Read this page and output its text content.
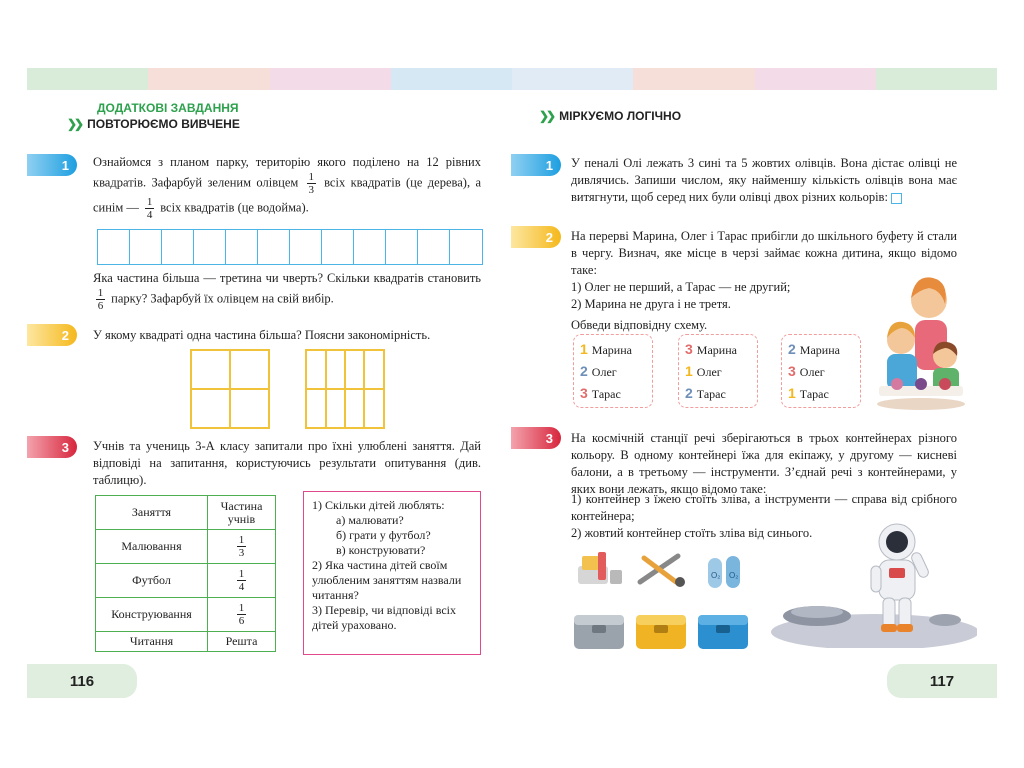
ДОДАТКОВІ ЗАВДАННЯ
❯❯ ПОВТОРЮЄМО ВИВЧЕНЕ
❯❯ МІРКУЄМО ЛОГІЧНО
1	Ознайомся з планом парку, територію якого поділено на 12 рівних квадратів. Зафарбуй зеленим олівцем $\frac{1}{3}$ всіх квадратів (це дерева), а синім — $\frac{1}{4}$ всіх квадратів (це водойма).
Яка частина більша — третина чи чверть? Скільки квадратів становить
$\frac{1}{6}$ парку? Зафарбуй їх олівцем на свій вибір.
2	У якому квадраті одна частина більша? Поясни закономірність.
3	Учнів та учениць 3-А класу запитали про їхні улюблені заняття. Дай відповіді на запитання, користуючись результати опитування (див. таблицю).
Заняття	Частина учнів
Малювання	$\frac{1}{3}$

Футбол	$\frac{1}{4}$

Конструювання	$\frac{1}{6}$

Читання	Решта
1) Скільки дітей люблять:
а) малювати?
б) грати у футбол?
в) конструювати?
2) Яка частина дітей своїм улюбленим заняттям назвали читання?
3) Перевір, чи відповіді всіх дітей ураховано.
116
1	У пеналі Олі лежать 3 сині та 5 жовтих олівців. Вона дістає олівці не дивлячись. Запиши числом, яку найменшу кількість олівців вона має витягнути, щоб серед них були олівці двох різних кольорів:
2	На перерві Марина, Олег і Тарас прибігли до шкільного буфету й стали в чергу. Визнач, яке місце в черзі займає кожна дитина, якщо відомо таке:
1) Олег не перший, а Тарас — не другий;
2) Марина не друга і не третя.
Обведи відповідну схему.
1 Марина
2 Олег
3 Тарас
3 Марина
1 Олег
2 Тарас
2 Марина
3 Олег
1 Тарас
3	На космічній станції речі зберігаються в трьох контейнерах різного кольору. В одному контейнері їжа для екіпажу, у другому — кисневі балони, а в третьому — інструменти. З’єднай речі з контейнерами, у яких вони лежать, якщо відомо таке:
1) контейнер з їжею стоїть зліва, а інструменти — справа від срібного контейнера;
2) жовтий контейнер стоїть зліва від синього.
O₂ O₂
117
